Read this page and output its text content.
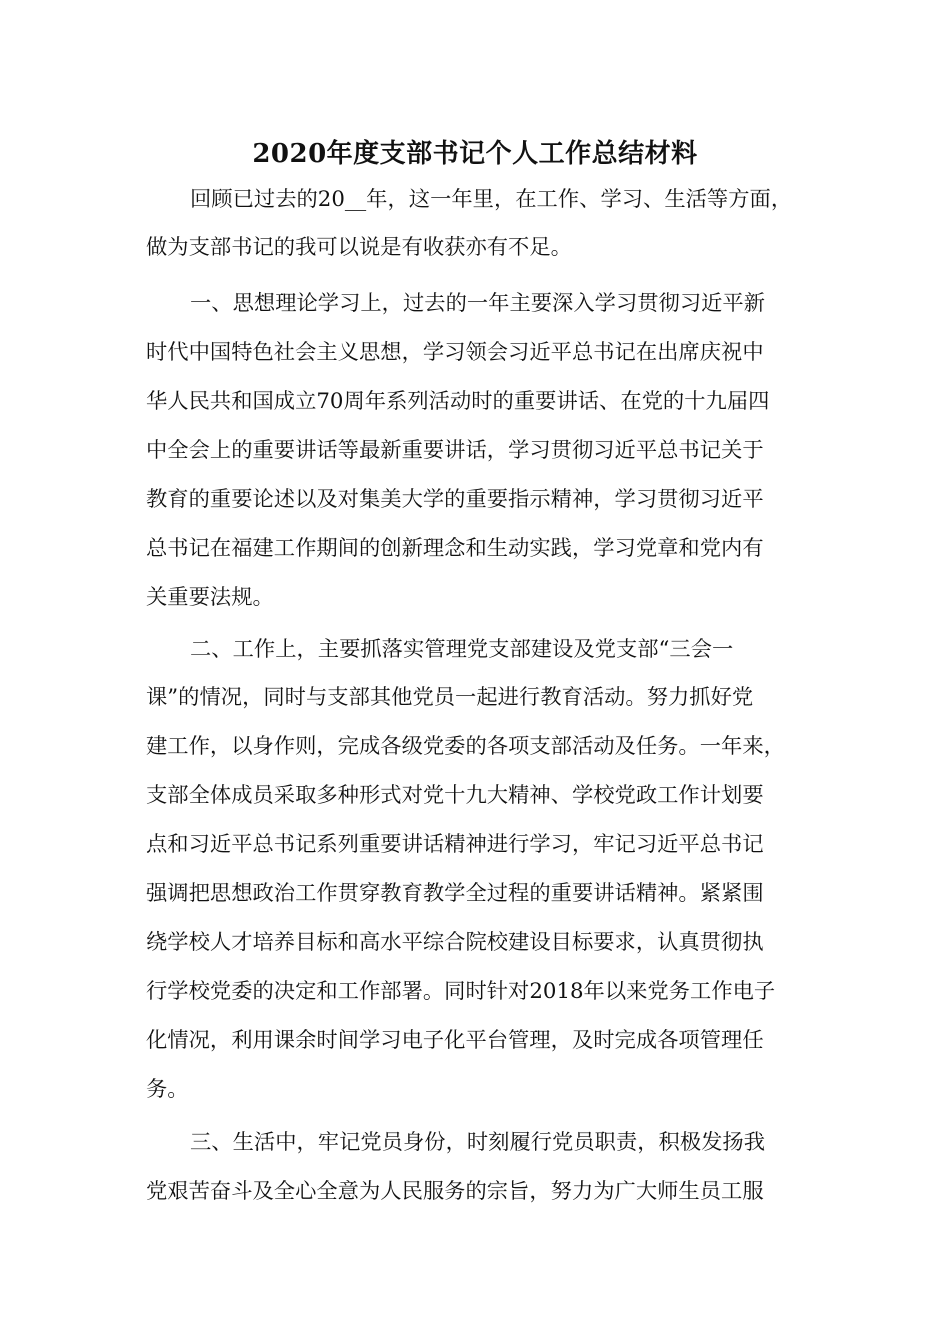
2020年度支部书记个人工作总结材料
回顾已过去的20__年，这一年里，在工作、学习、生活等方面，
做为支部书记的我可以说是有收获亦有不足。
一、思想理论学习上，过去的一年主要深入学习贯彻习近平新
时代中国特色社会主义思想，学习领会习近平总书记在出席庆祝中
华人民共和国成立70周年系列活动时的重要讲话、在党的十九届四
中全会上的重要讲话等最新重要讲话，学习贯彻习近平总书记关于
教育的重要论述以及对集美大学的重要指示精神，学习贯彻习近平
总书记在福建工作期间的创新理念和生动实践，学习党章和党内有
关重要法规。
二、工作上，主要抓落实管理党支部建设及党支部“三会一
课”的情况，同时与支部其他党员一起进行教育活动。努力抓好党
建工作，以身作则，完成各级党委的各项支部活动及任务。一年来，
支部全体成员采取多种形式对党十九大精神、学校党政工作计划要
点和习近平总书记系列重要讲话精神进行学习，牢记习近平总书记
强调把思想政治工作贯穿教育教学全过程的重要讲话精神。紧紧围
绕学校人才培养目标和高水平综合院校建设目标要求，认真贯彻执
行学校党委的决定和工作部署。同时针对2018年以来党务工作电子
化情况，利用课余时间学习电子化平台管理，及时完成各项管理任
务。
三、生活中，牢记党员身份，时刻履行党员职责，积极发扬我
党艰苦奋斗及全心全意为人民服务的宗旨，努力为广大师生员工服
